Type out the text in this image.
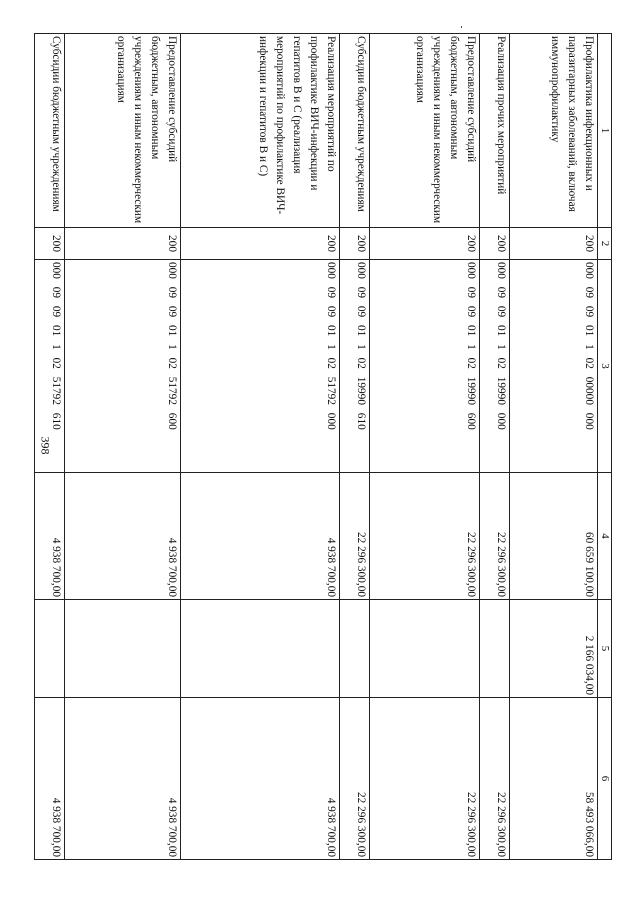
398
1	2	3	4	5	6
Профилактика инфекционных и паразитарных заболеваний, включая иммунопрофилактику	200	000 09 09 01 1 02 00000 000	60 659 100,00	2 166 034,00	58 493 066,00
Реализация прочих мероприятий	200	000 09 09 01 1 02 19990 000	22 296 300,00		22 296 300,00
Предоставление субсидий бюджетным, автономным учреждениям и иным некоммерческим организациям	200	000 09 09 01 1 02 19990 600	22 296 300,00		22 296 300,00
Субсидии бюджетным учреждениям	200	000 09 09 01 1 02 19990 610	22 296 300,00		22 296 300,00
Реализация мероприятий по профилактике ВИЧ-инфекции и гепатитов В и С (реализация мероприятий по профилактике ВИЧ-инфекции и гепатитов В и С)	200	000 09 09 01 1 02 51792 000	4 938 700,00		4 938 700,00
Предоставление субсидий бюджетным, автономным учреждениям и иным некоммерческим организациям	200	000 09 09 01 1 02 51792 600	4 938 700,00		4 938 700,00
Субсидии бюджетным учреждениям	200	000 09 09 01 1 02 51792 610	4 938 700,00		4 938 700,00
